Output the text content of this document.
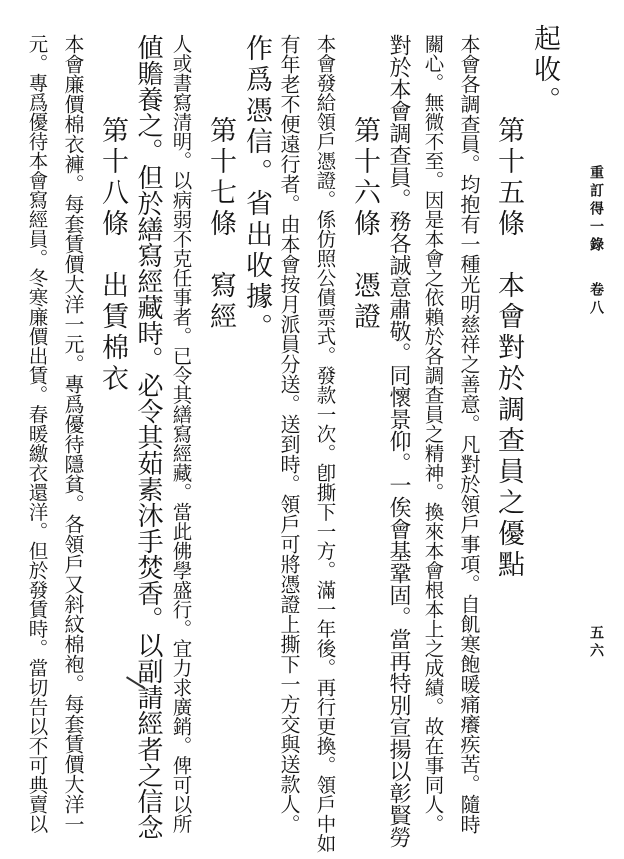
重訂得一錄
卷八
五六
起收。
第十五條　本會對於調查員之優點
本會各調查員。均抱有一種光明慈祥之善意。凡對於領戶事項。自飢寒飽暖痛癢疾苦。隨時
關心。無微不至。因是本會之依賴於各調查員之精神。換來本會根本上之成績。故在事同人。
對於本會調查員。務各誠意肅敬。同懷景仰。一俟會基鞏固。當再特別宣揚以彰賢勞
第十六條　憑證
本會發給領戶憑證。係仿照公債票式。發款一次。卽撕下一方。滿一年後。再行更換。領戶中如
有年老不便遠行者。由本會按月派員分送。送到時。領戶可將憑證上撕下一方交與送款人。
作爲憑信。省出收據。
第十七條　寫經
人或書寫清明。以病弱不克任事者。已令其繕寫經藏。當此佛學盛行。宜力求廣銷。俾可以所
値贍養之。但於繕寫經藏時。必令其茹素沐手焚香。以副請經者之信念
第十八條　出賃棉衣
本會廉價棉衣褲。每套賃價大洋一元。專爲優待隱貧。各領戶又斜紋棉袍。每套賃價大洋一
元。專爲優待本會寫經員。冬寒廉價出賃。春暖繳衣還洋。但於發賃時。當切告以不可典賣以
